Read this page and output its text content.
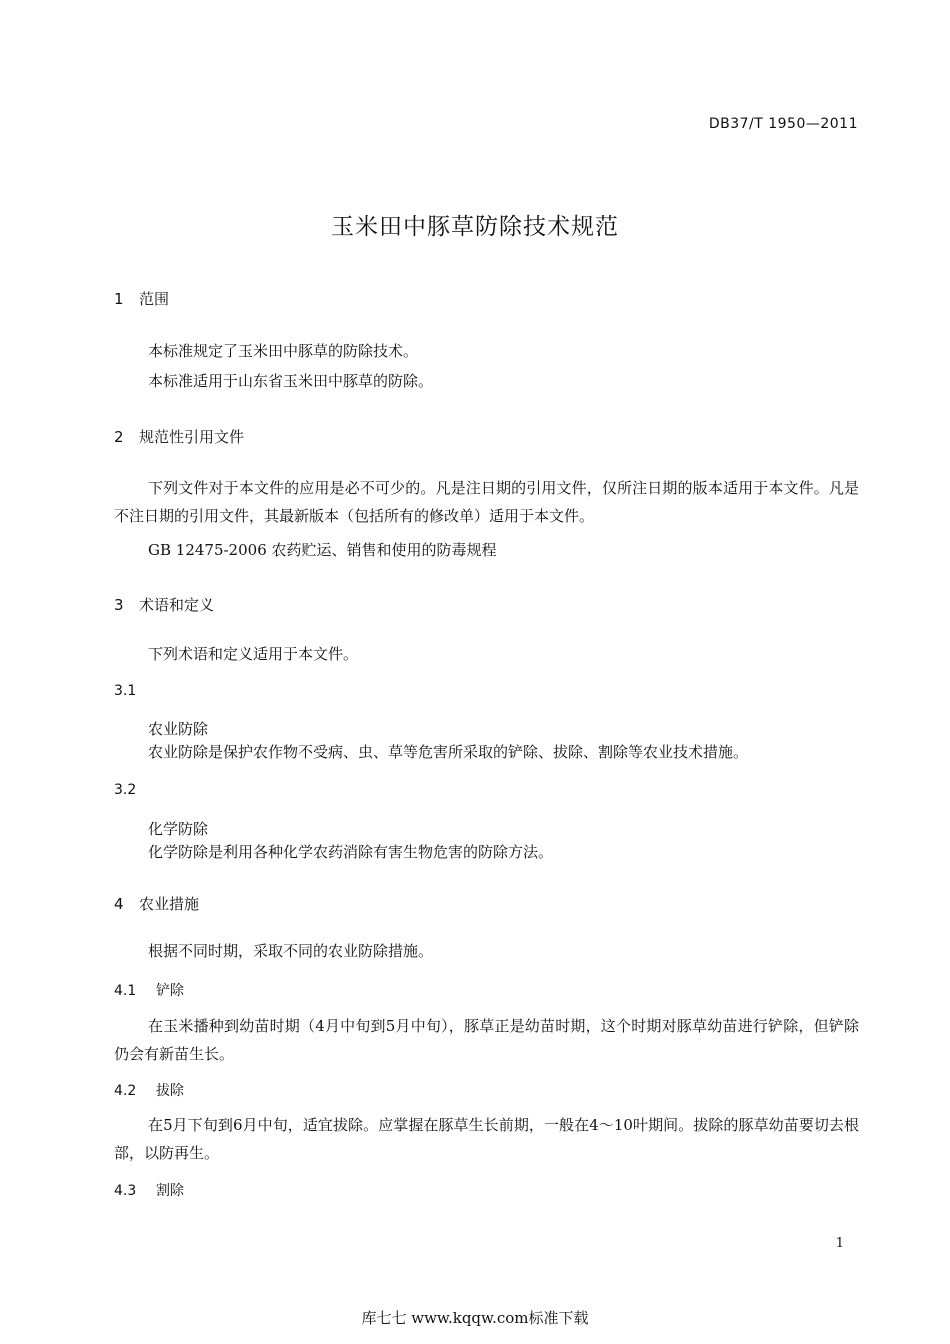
DB37/T 1950—2011
玉米田中豚草防除技术规范
1 范围
本标准规定了玉米田中豚草的防除技术。
本标准适用于山东省玉米田中豚草的防除。
2 规范性引用文件
下列文件对于本文件的应用是必不可少的。凡是注日期的引用文件，仅所注日期的版本适用于本文件。凡是不注日期的引用文件，其最新版本（包括所有的修改单）适用于本文件。
GB 12475-2006 农药贮运、销售和使用的防毒规程
3 术语和定义
下列术语和定义适用于本文件。
3.1
农业防除
农业防除是保护农作物不受病、虫、草等危害所采取的铲除、拔除、割除等农业技术措施。
3.2
化学防除
化学防除是利用各种化学农药消除有害生物危害的防除方法。
4 农业措施
根据不同时期，采取不同的农业防除措施。
4.1 铲除
在玉米播种到幼苗时期（4月中旬到5月中旬），豚草正是幼苗时期，这个时期对豚草幼苗进行铲除，但铲除仍会有新苗生长。
4.2 拔除
在5月下旬到6月中旬，适宜拔除。应掌握在豚草生长前期，一般在4～10叶期间。拔除的豚草幼苗要切去根部，以防再生。
4.3 割除
1
库七七 www.kqqw.com标准下载
